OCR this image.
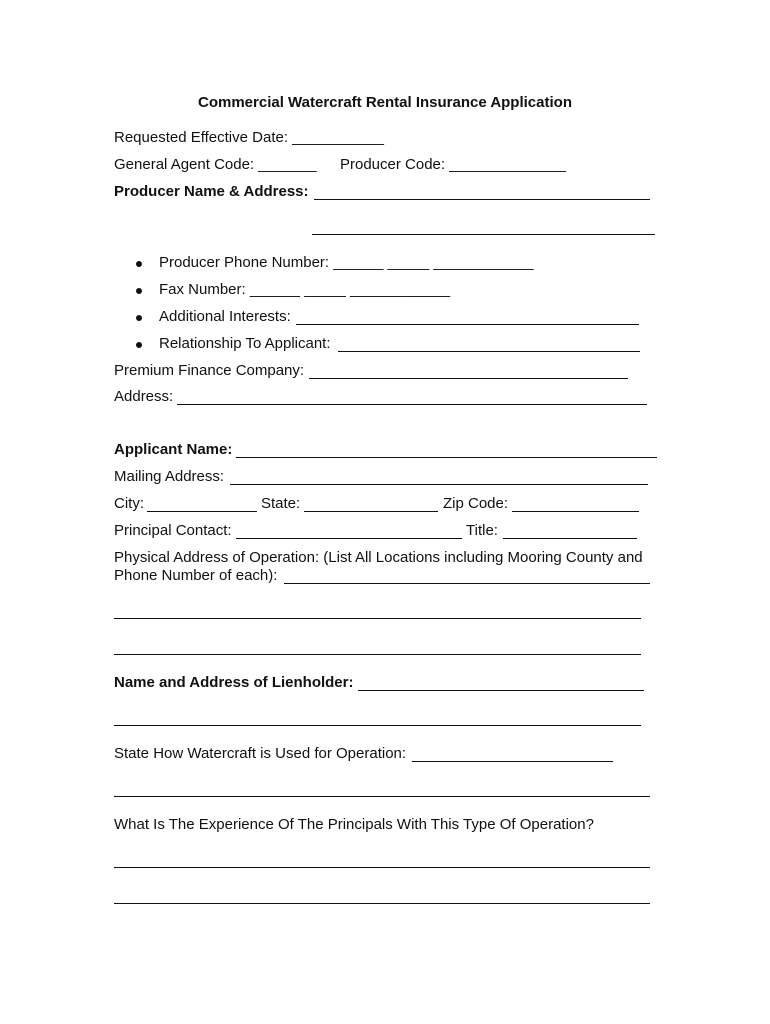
Commercial Watercraft Rental Insurance Application
Requested Effective Date: ___________
General Agent Code: _______ Producer Code: ______________
Producer Name & Address:
Producer Phone Number: ______ _____ ____________
Fax Number: ______ _____ ____________
Additional Interests:
Relationship To Applicant:
Premium Finance Company:
Address:
Applicant Name:
Mailing Address:
City:	State:	Zip Code:
Principal Contact:	Title:
Physical Address of Operation: (List All Locations including Mooring County and
Phone Number of each):
Name and Address of Lienholder:
State How Watercraft is Used for Operation:
What Is The Experience Of The Principals With This Type Of Operation?
